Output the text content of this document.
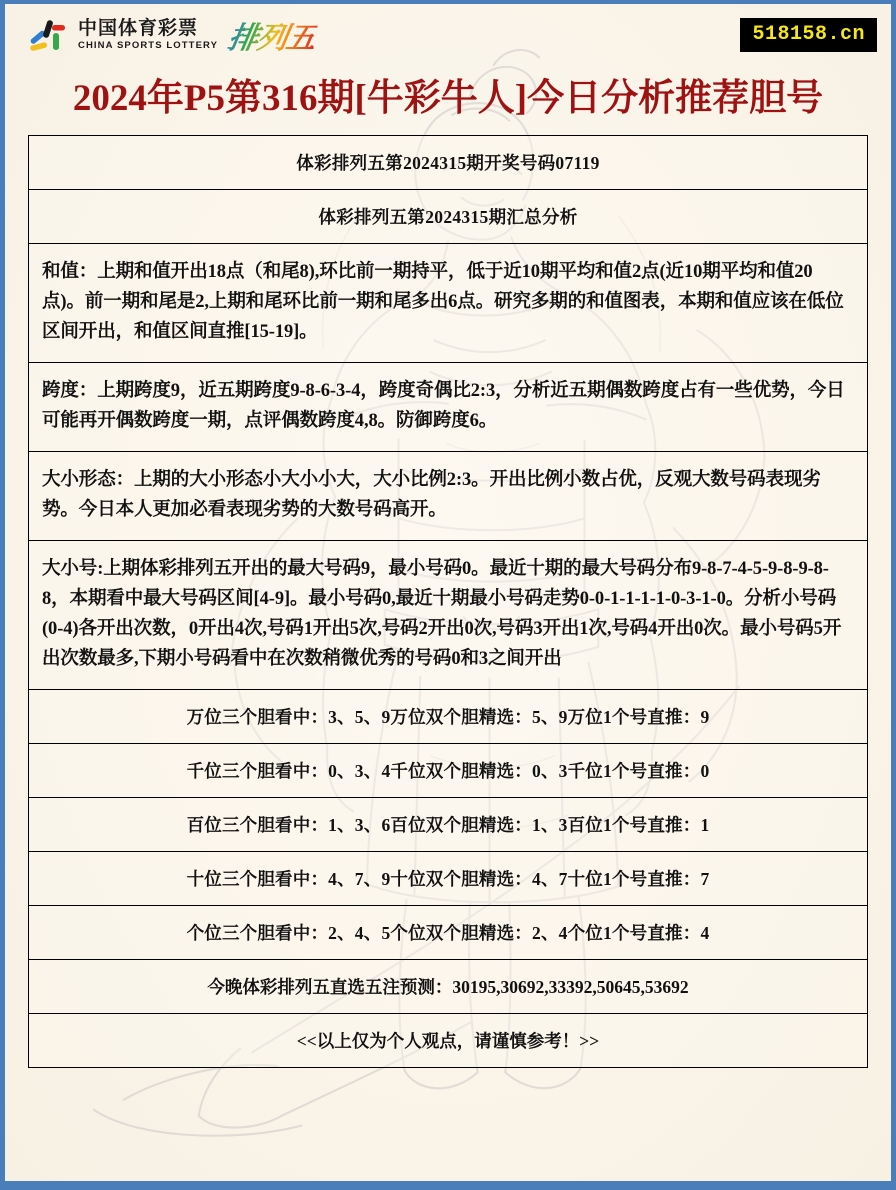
中国体育彩票
CHINA SPORTS LOTTERY 排列五	518158.cn
2024年P5第316期[牛彩牛人]今日分析推荐胆号
体彩排列五第2024315期开奖号码07119
体彩排列五第2024315期汇总分析
和值：上期和值开出18点（和尾8),环比前一期持平，低于近10期平均和值2点(近10期平均和值20点)。前一期和尾是2,上期和尾环比前一期和尾多出6点。研究多期的和值图表，本期和值应该在低位区间开出，和值区间直推[15-19]。
跨度：上期跨度9，近五期跨度9-8-6-3-4，跨度奇偶比2:3，分析近五期偶数跨度占有一些优势，今日可能再开偶数跨度一期，点评偶数跨度4,8。防御跨度6。
大小形态：上期的大小形态小大小小大，大小比例2:3。开出比例小数占优，反观大数号码表现劣势。今日本人更加必看表现劣势的大数号码高开。
大小号:上期体彩排列五开出的最大号码9，最小号码0。最近十期的最大号码分布9-8-7-4-5-9-8-9-8-8，本期看中最大号码区间[4-9]。最小号码0,最近十期最小号码走势0-0-1-1-1-1-0-3-1-0。分析小号码(0-4)各开出次数，0开出4次,号码1开出5次,号码2开出0次,号码3开出1次,号码4开出0次。最小号码5开出次数最多,下期小号码看中在次数稍微优秀的号码0和3之间开出
万位三个胆看中：3、5、9万位双个胆精选：5、9万位1个号直推：9
千位三个胆看中：0、3、4千位双个胆精选：0、3千位1个号直推：0
百位三个胆看中：1、3、6百位双个胆精选：1、3百位1个号直推：1
十位三个胆看中：4、7、9十位双个胆精选：4、7十位1个号直推：7
个位三个胆看中：2、4、5个位双个胆精选：2、4个位1个号直推：4
今晚体彩排列五直选五注预测：30195,30692,33392,50645,53692
<<以上仅为个人观点，请谨慎参考！>>
